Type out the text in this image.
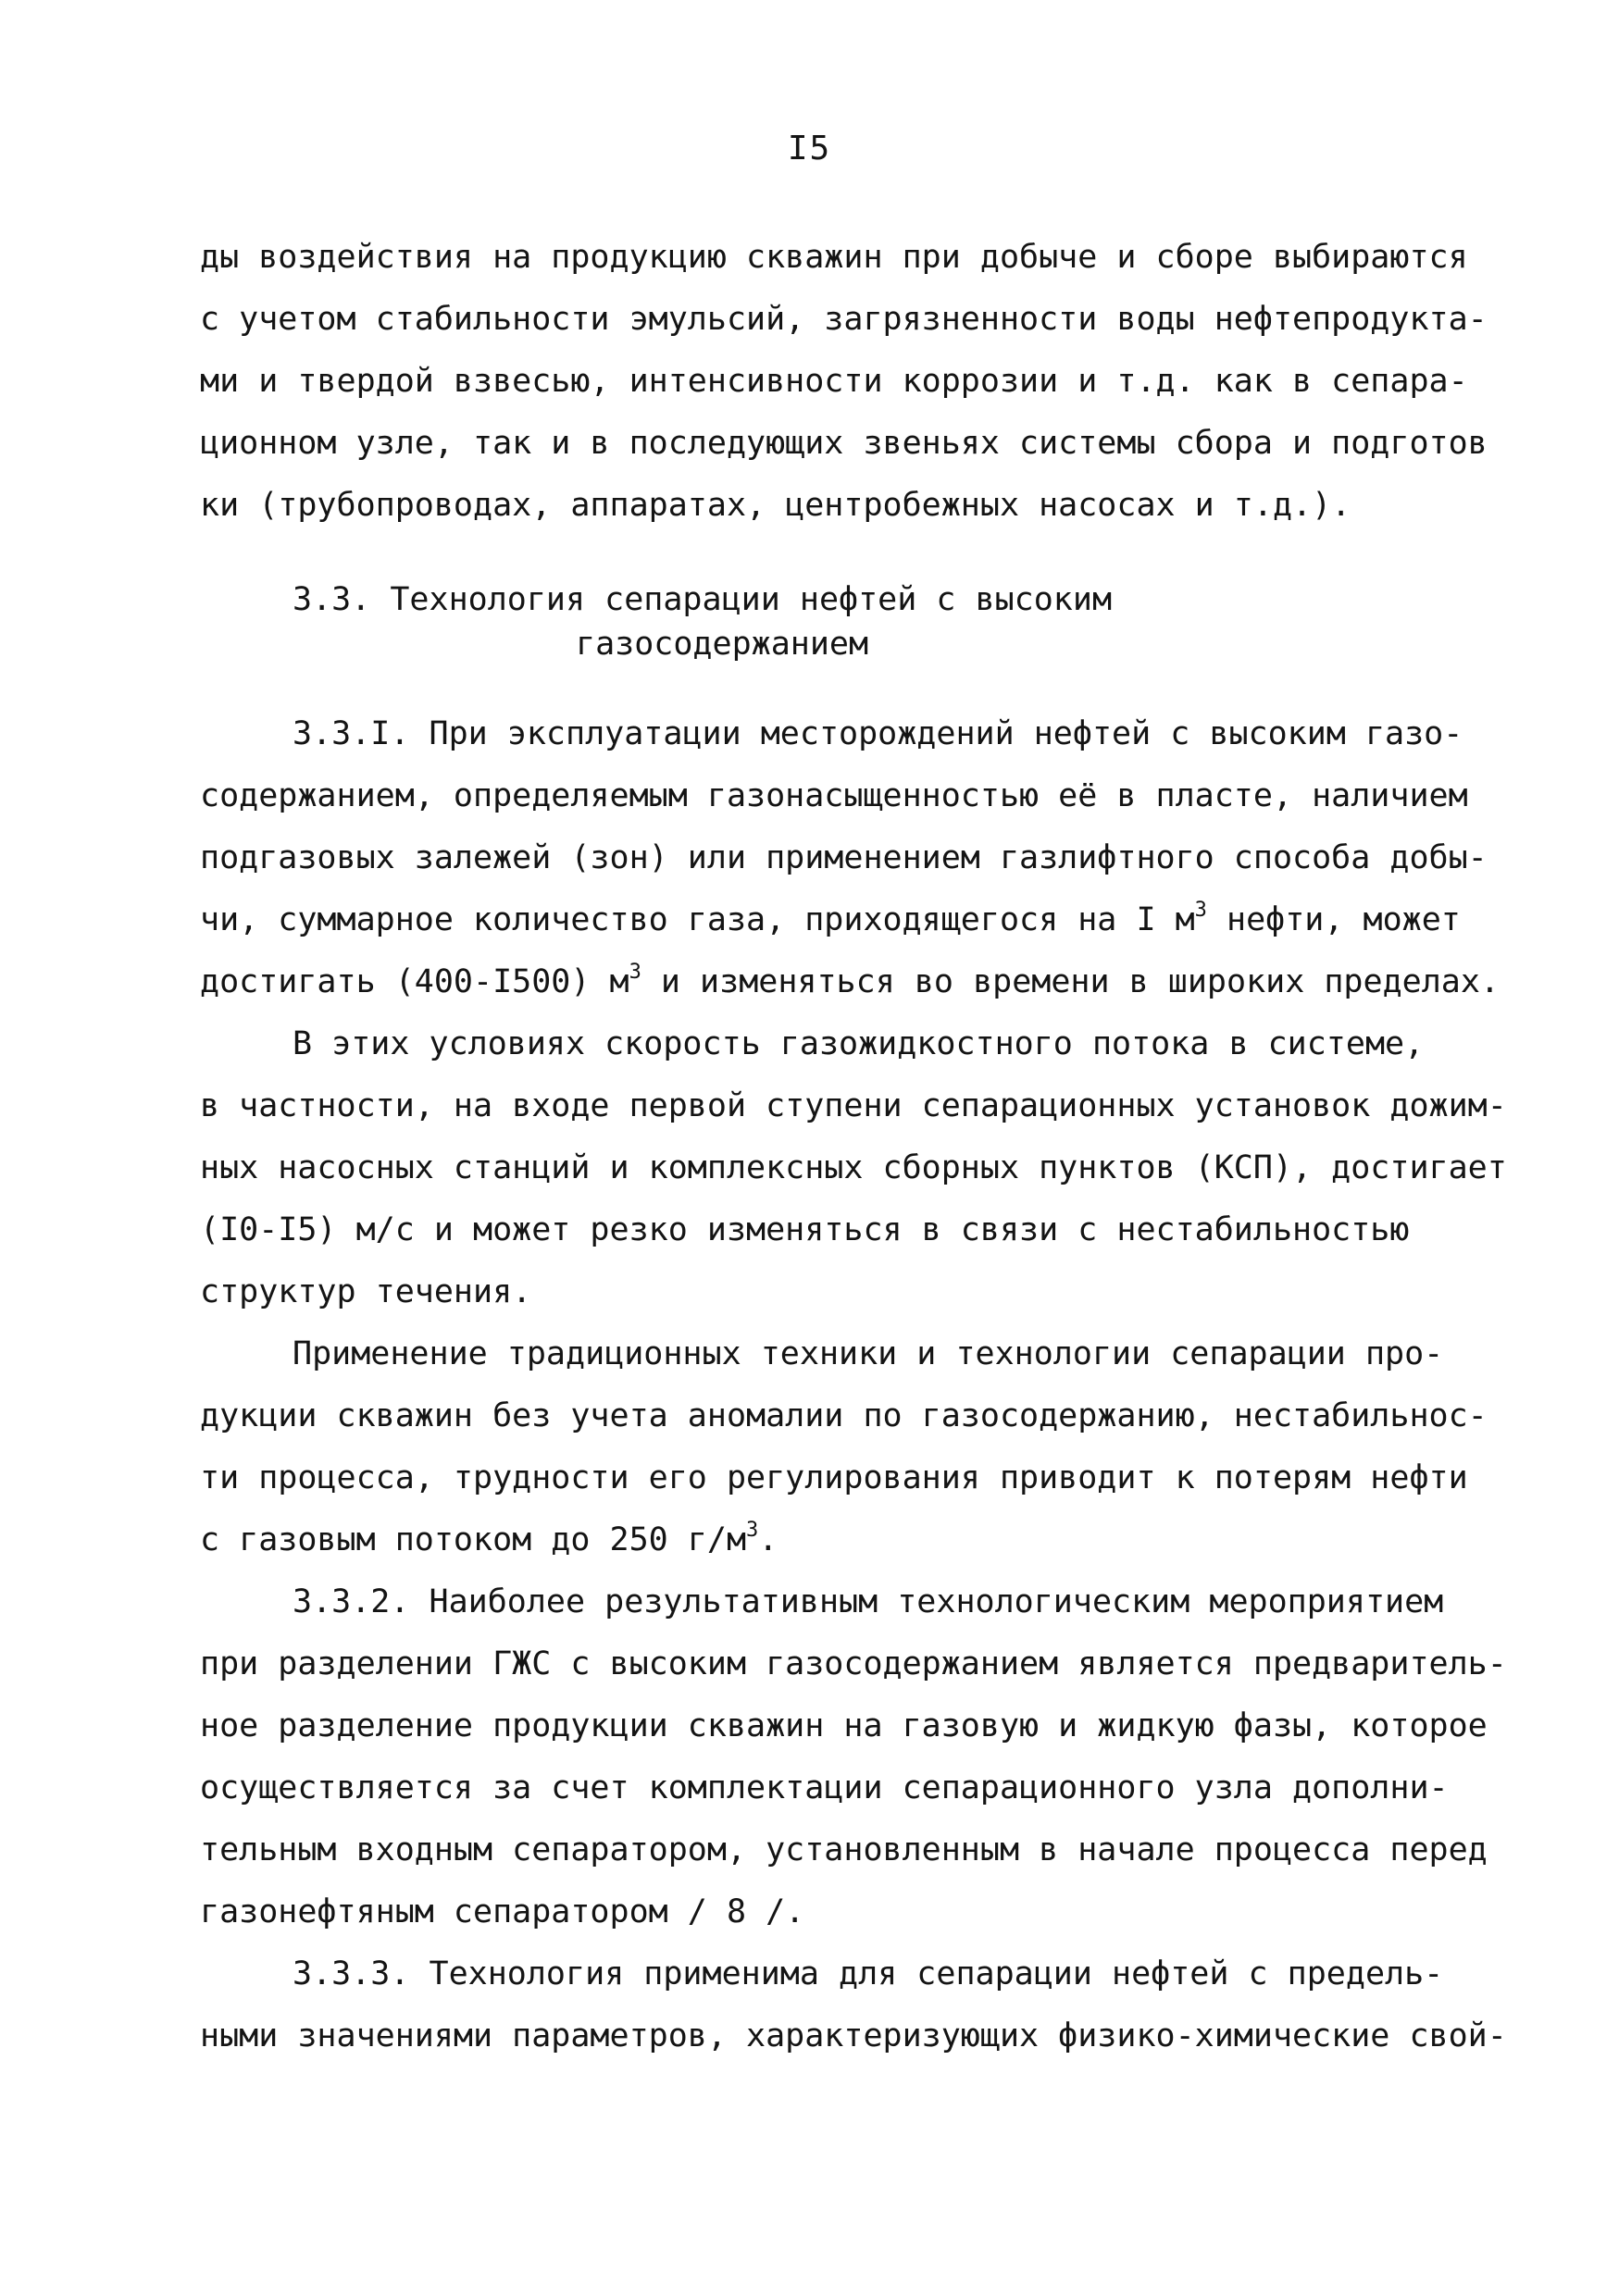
I5
ды воздействия на продукцию скважин при добыче и сборе выбираются
с учетом стабильности эмульсий, загрязненности воды нефтепродукта-
ми и твердой взвесью, интенсивности коррозии и т.д. как в сепара-
ционном узле, так и в последующих звеньях системы сбора и подготов
ки (трубопроводах, аппаратах, центробежных насосах и т.д.).
3.3. Технология сепарации нефтей с высоким
газосодержанием
3.3.I. При эксплуатации месторождений нефтей с высоким газо-
содержанием, определяемым газонасыщенностью её в пласте, наличием
подгазовых залежей (зон) или применением газлифтного способа добы-
чи, суммарное количество газа, приходящегося на I $м^3$ нефти, может
достигать (400-I500) $м^3$ и изменяться во времени в широких пределах.
В этих условиях скорость газожидкостного потока в системе,
в частности, на входе первой ступени сепарационных установок дожим-
ных насосных станций и комплексных сборных пунктов (КСП), достигает
(I0-I5) м/с и может резко изменяться в связи с нестабильностью
структур течения.
Применение традиционных техники и технологии сепарации про-
дукции скважин без учета аномалии по газосодержанию, нестабильнос-
ти процесса, трудности его регулирования приводит к потерям нефти
с газовым потоком до 250 $г/м^3$.
3.3.2. Наиболее результативным технологическим мероприятием
при разделении ГЖС с высоким газосодержанием является предваритель-
ное разделение продукции скважин на газовую и жидкую фазы, которое
осуществляется за счет комплектации сепарационного узла дополни-
тельным входным сепаратором, установленным в начале процесса перед
газонефтяным сепаратором / 8 /.
3.3.3. Технология применима для сепарации нефтей с предель-
ными значениями параметров, характеризующих физико-химические свой-
